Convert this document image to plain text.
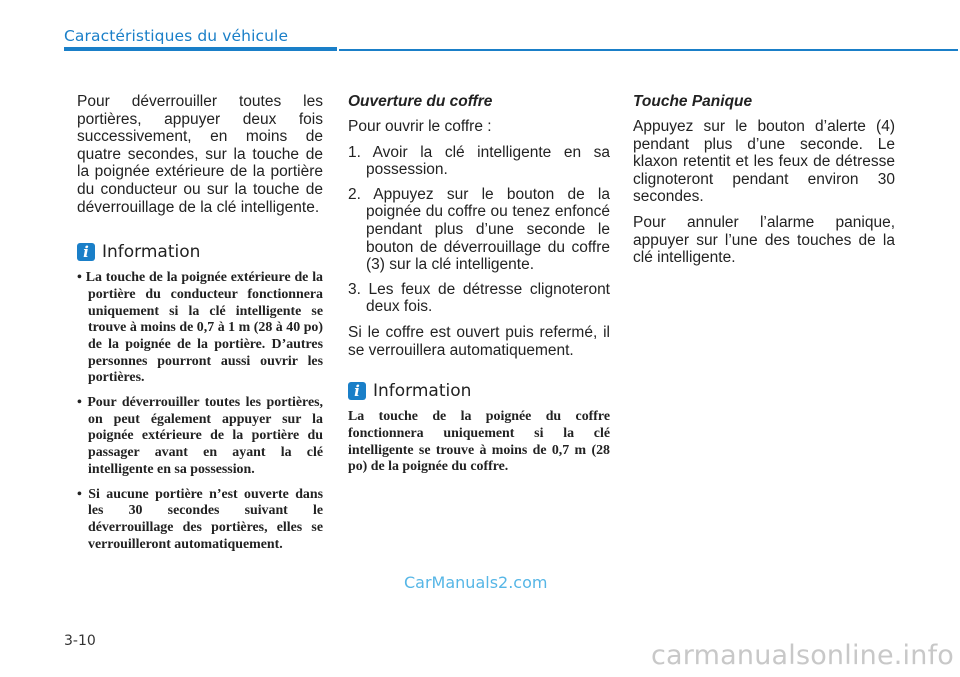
Caractéristiques du véhicule

Pour déverrouiller toutes les portières, appuyer deux fois successivement, en moins de quatre secondes, sur la touche de la poignée extérieure de la portière du conducteur ou sur la touche de déverrouillage de la clé intelligente.

i Information
• La touche de la poignée extérieure de la portière du conducteur fonctionnera uniquement si la clé intelligente se trouve à moins de 0,7 à 1 m (28 à 40 po) de la poignée de la portière. D’autres personnes pourront aussi ouvrir les portières.
• Pour déverrouiller toutes les portières, on peut également appuyer sur la poignée extérieure de la portière du passager avant en ayant la clé intelligente en sa possession.
• Si aucune portière n’est ouverte dans les 30 secondes suivant le déverrouillage des portières, elles se verrouilleront automatiquement.
Ouverture du coffre

Pour ouvrir le coffre :

1. Avoir la clé intelligente en sa possession.
2. Appuyez sur le bouton de la poignée du coffre ou tenez enfoncé pendant plus d’une seconde le bouton de déverrouillage du coffre (3) sur la clé intelligente.
3. Les feux de détresse clignoteront deux fois.

Si le coffre est ouvert puis refermé, il se verrouillera automatiquement.

i Information

La touche de la poignée du coffre fonctionnera uniquement si la clé intelligente se trouve à moins de 0,7 m (28 po) de la poignée du coffre.

Touche Panique

Appuyez sur le bouton d’alerte (4) pendant plus d’une seconde. Le klaxon retentit et les feux de détresse clignoteront pendant environ 30 secondes.

Pour annuler l’alarme panique, appuyer sur l’une des touches de la clé intelligente.

CarManuals2.com
3-10	carmanualsonline.info
